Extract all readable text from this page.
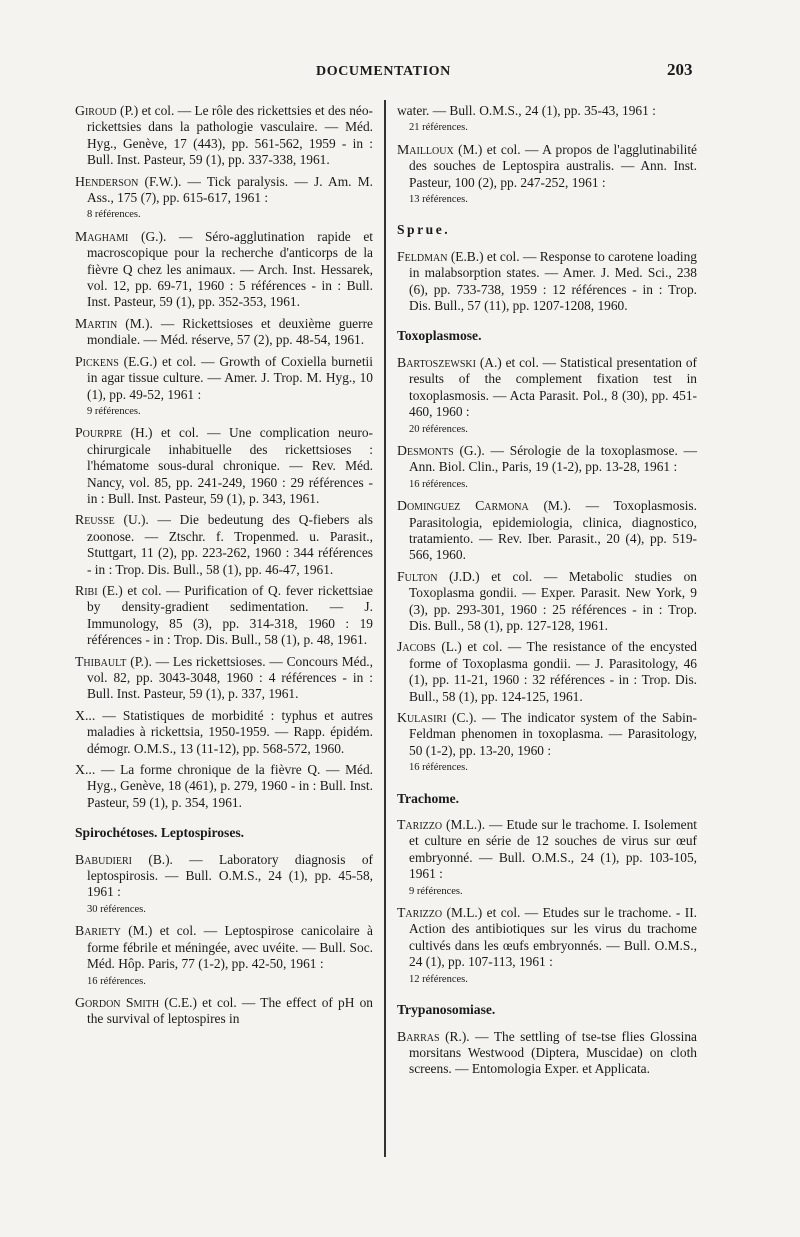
DOCUMENTATION	203
Giroud (P.) et col. — Le rôle des rickettsies et des néo-rickettsies dans la pathologie vasculaire. — Méd. Hyg., Genève, 17 (443), pp. 561-562, 1959 - in : Bull. Inst. Pasteur, 59 (1), pp. 337-338, 1961.
Henderson (F.W.). — Tick paralysis. — J. Am. M. Ass., 175 (7), pp. 615-617, 1961 :
8 références.
Maghami (G.). — Séro-agglutination rapide et macroscopique pour la recherche d'anticorps de la fièvre Q chez les animaux. — Arch. Inst. Hessarek, vol. 12, pp. 69-71, 1960 : 5 références - in : Bull. Inst. Pasteur, 59 (1), pp. 352-353, 1961.
Martin (M.). — Rickettsioses et deuxième guerre mondiale. — Méd. réserve, 57 (2), pp. 48-54, 1961.
Pickens (E.G.) et col. — Growth of Coxiella burnetii in agar tissue culture. — Amer. J. Trop. M. Hyg., 10 (1), pp. 49-52, 1961 :
9 références.
Pourpre (H.) et col. — Une complication neuro-chirurgicale inhabituelle des rickettsioses : l'hématome sous-dural chronique. — Rev. Méd. Nancy, vol. 85, pp. 241-249, 1960 : 29 références - in : Bull. Inst. Pasteur, 59 (1), p. 343, 1961.
Reusse (U.). — Die bedeutung des Q-fiebers als zoonose. — Ztschr. f. Tropenmed. u. Parasit., Stuttgart, 11 (2), pp. 223-262, 1960 : 344 références - in : Trop. Dis. Bull., 58 (1), pp. 46-47, 1961.
Ribi (E.) et col. — Purification of Q. fever rickettsiae by density-gradient sedimentation. — J. Immunology, 85 (3), pp. 314-318, 1960 : 19 références - in : Trop. Dis. Bull., 58 (1), p. 48, 1961.
Thibault (P.). — Les rickettsioses. — Concours Méd., vol. 82, pp. 3043-3048, 1960 : 4 références - in : Bull. Inst. Pasteur, 59 (1), p. 337, 1961.
X... — Statistiques de morbidité : typhus et autres maladies à rickettsia, 1950-1959. — Rapp. épidém. démogr. O.M.S., 13 (11-12), pp. 568-572, 1960.
X... — La forme chronique de la fièvre Q. — Méd. Hyg., Genève, 18 (461), p. 279, 1960 - in : Bull. Inst. Pasteur, 59 (1), p. 354, 1961.
Spirochétoses. Leptospiroses.
Babudieri (B.). — Laboratory diagnosis of leptospirosis. — Bull. O.M.S., 24 (1), pp. 45-58, 1961 :
30 références.
Bariety (M.) et col. — Leptospirose canicolaire à forme fébrile et méningée, avec uvéite. — Bull. Soc. Méd. Hôp. Paris, 77 (1-2), pp. 42-50, 1961 :
16 références.
Gordon Smith (C.E.) et col. — The effect of pH on the survival of leptospires in
water. — Bull. O.M.S., 24 (1), pp. 35-43, 1961 :
21 références.
Mailloux (M.) et col. — A propos de l'agglutinabilité des souches de Leptospira australis. — Ann. Inst. Pasteur, 100 (2), pp. 247-252, 1961 :
13 références.
Sprue.
Feldman (E.B.) et col. — Response to carotene loading in malabsorption states. — Amer. J. Med. Sci., 238 (6), pp. 733-738, 1959 : 12 références - in : Trop. Dis. Bull., 57 (11), pp. 1207-1208, 1960.
Toxoplasmose.
Bartoszewski (A.) et col. — Statistical presentation of results of the complement fixation test in toxoplasmosis. — Acta Parasit. Pol., 8 (30), pp. 451-460, 1960 :
20 références.
Desmonts (G.). — Sérologie de la toxoplasmose. — Ann. Biol. Clin., Paris, 19 (1-2), pp. 13-28, 1961 :
16 références.
Dominguez Carmona (M.). — Toxoplasmosis. Parasitologia, epidemiologia, clinica, diagnostico, tratamiento. — Rev. Iber. Parasit., 20 (4), pp. 519-566, 1960.
Fulton (J.D.) et col. — Metabolic studies on Toxoplasma gondii. — Exper. Parasit. New York, 9 (3), pp. 293-301, 1960 : 25 références - in : Trop. Dis. Bull., 58 (1), pp. 127-128, 1961.
Jacobs (L.) et col. — The resistance of the encysted forme of Toxoplasma gondii. — J. Parasitology, 46 (1), pp. 11-21, 1960 : 32 références - in : Trop. Dis. Bull., 58 (1), pp. 124-125, 1961.
Kulasiri (C.). — The indicator system of the Sabin-Feldman phenomen in toxoplasma. — Parasitology, 50 (1-2), pp. 13-20, 1960 :
16 références.
Trachome.
Tarizzo (M.L.). — Etude sur le trachome. I. Isolement et culture en série de 12 souches de virus sur œuf embryonné. — Bull. O.M.S., 24 (1), pp. 103-105, 1961 :
9 références.
Tarizzo (M.L.) et col. — Etudes sur le trachome. - II. Action des antibiotiques sur les virus du trachome cultivés dans les œufs embryonnés. — Bull. O.M.S., 24 (1), pp. 107-113, 1961 :
12 références.
Trypanosomiase.
Barras (R.). — The settling of tse-tse flies Glossina morsitans Westwood (Diptera, Muscidae) on cloth screens. — Entomologia Exper. et Applicata.
